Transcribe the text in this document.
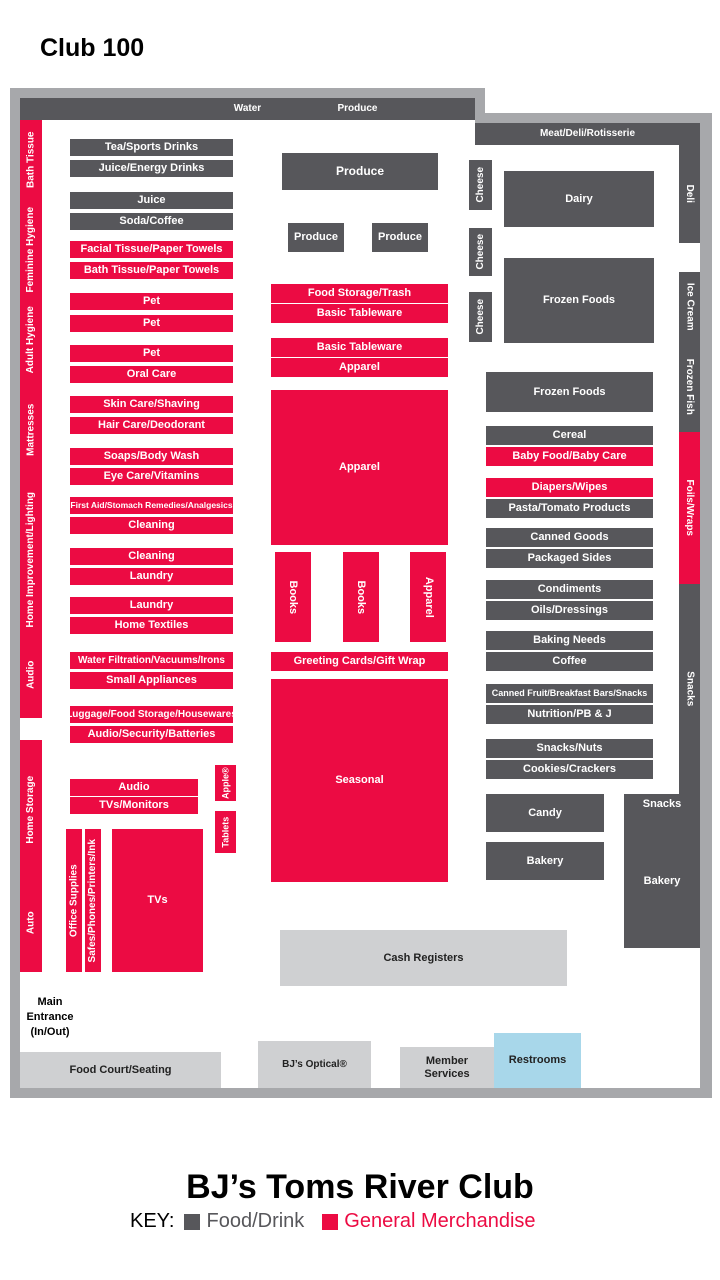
Water
Meat/Deli/Rotisserie
Deli
Produce
Produce	Produce
Food Storage/Trash
Basic Tableware
Basic Tableware
Apparel
Apparel
Books	Books	Apparel
Greeting Cards/Gift Wrap
Seasonal
Cash Registers
Apple®
Tablets
Office Supplies Safes/Phones/Printers/Ink	TVs
Cheese
Cheese
Cheese
Dairy
Frozen Foods
Frozen Foods
Cereal
Baby Food/Baby Care
Diapers/Wipes
Pasta/Tomato Products
Canned Goods
Packaged Sides
Condiments
Oils/Dressings
Baking Needs
Coffee
Canned Fruit/Breakfast Bars/Snacks
Nutrition/PB & J
Snacks/Nuts
Cookies/Crackers
Candy
Bakery
Ice Cream
Frozen Fish
Foils/Wraps
Snacks
Snacks
Bakery
Food Court/Seating	BJ’s Optical®	Member
Services
Restrooms
Produce
Tea/Sports Drinks
Juice/Energy Drinks
Juice
Soda/Coffee
Facial Tissue/Paper Towels
Bath Tissue/Paper Towels
Pet
Pet
Pet
Oral Care
Skin Care/Shaving
Hair Care/Deodorant
Soaps/Body Wash
Eye Care/Vitamins
First Aid/Stomach Remedies/Analgesics
Cleaning
Cleaning
Laundry
Laundry
Home Textiles
Water Filtration/Vacuums/Irons
Small Appliances
Luggage/Food Storage/Housewares
Audio/Security/Batteries
Audio
TVs/Monitors
Bath Tissue
Feminine Hygiene
Adult Hygiene
Mattresses
Home Improvement/Lighting
Audio
Home Storage
Auto
Club 100
Main
Entrance
(In/Out)
BJ’s Toms River Club
KEY: Food/Drink General Merchandise
